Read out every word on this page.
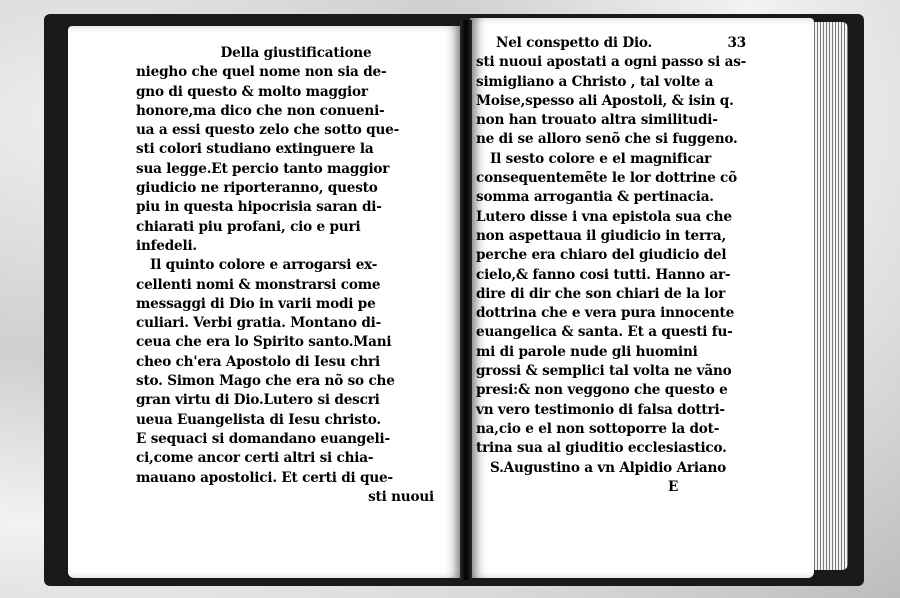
Della giustificatione
niegho che quel nome non sia de-
gno di questo & molto maggior
honore,ma dico che non conueni-
ua a essi questo zelo che sotto que-
sti colori studiano extinguere la
sua legge.Et percio tanto maggior
giudicio ne riporteranno, questo
piu in questa hipocrisia saran di-
chiarati piu profani, cio e puri
infedeli.
Il quinto colore e arrogarsi ex-
cellenti nomi & monstrarsi come
messaggi di Dio in varii modi pe
culiari. Verbi gratia. Montano di-
ceua che era lo Spirito santo.Mani
cheo ch'era Apostolo di Iesu chri
sto. Simon Mago che era nõ so che
gran virtu di Dio.Lutero si descri
ueua Euangelista di Iesu christo.
E sequaci si domandano euangeli-
ci,come ancor certi altri si chia-
mauano apostolici. Et certi di que-
sti nuoui
Nel conspetto di Dio.	33
sti nuoui apostati a ogni passo si as-
simigliano a Christo , tal volte a
Moise,spesso ali Apostoli, & isin q.
non han trouato altra similitudi-
ne di se alloro senõ che si fuggeno.
Il sesto colore e el magnificar
consequentemẽte le lor dottrine cõ
somma arrogantia & pertinacia.
Lutero disse i vna epistola sua che
non aspettaua il giudicio in terra,
perche era chiaro del giudicio del
cielo,& fanno cosi tutti. Hanno ar-
dire di dir che son chiari de la lor
dottrina che e vera pura innocente
euangelica & santa. Et a questi fu-
mi di parole nude gli huomini
grossi & semplici tal volta ne vãno
presi:& non veggono che questo e
vn vero testimonio di falsa dottri-
na,cio e el non sottoporre la dot-
trina sua al giuditio ecclesiastico.
S.Augustino a vn Alpidio Ariano
E
